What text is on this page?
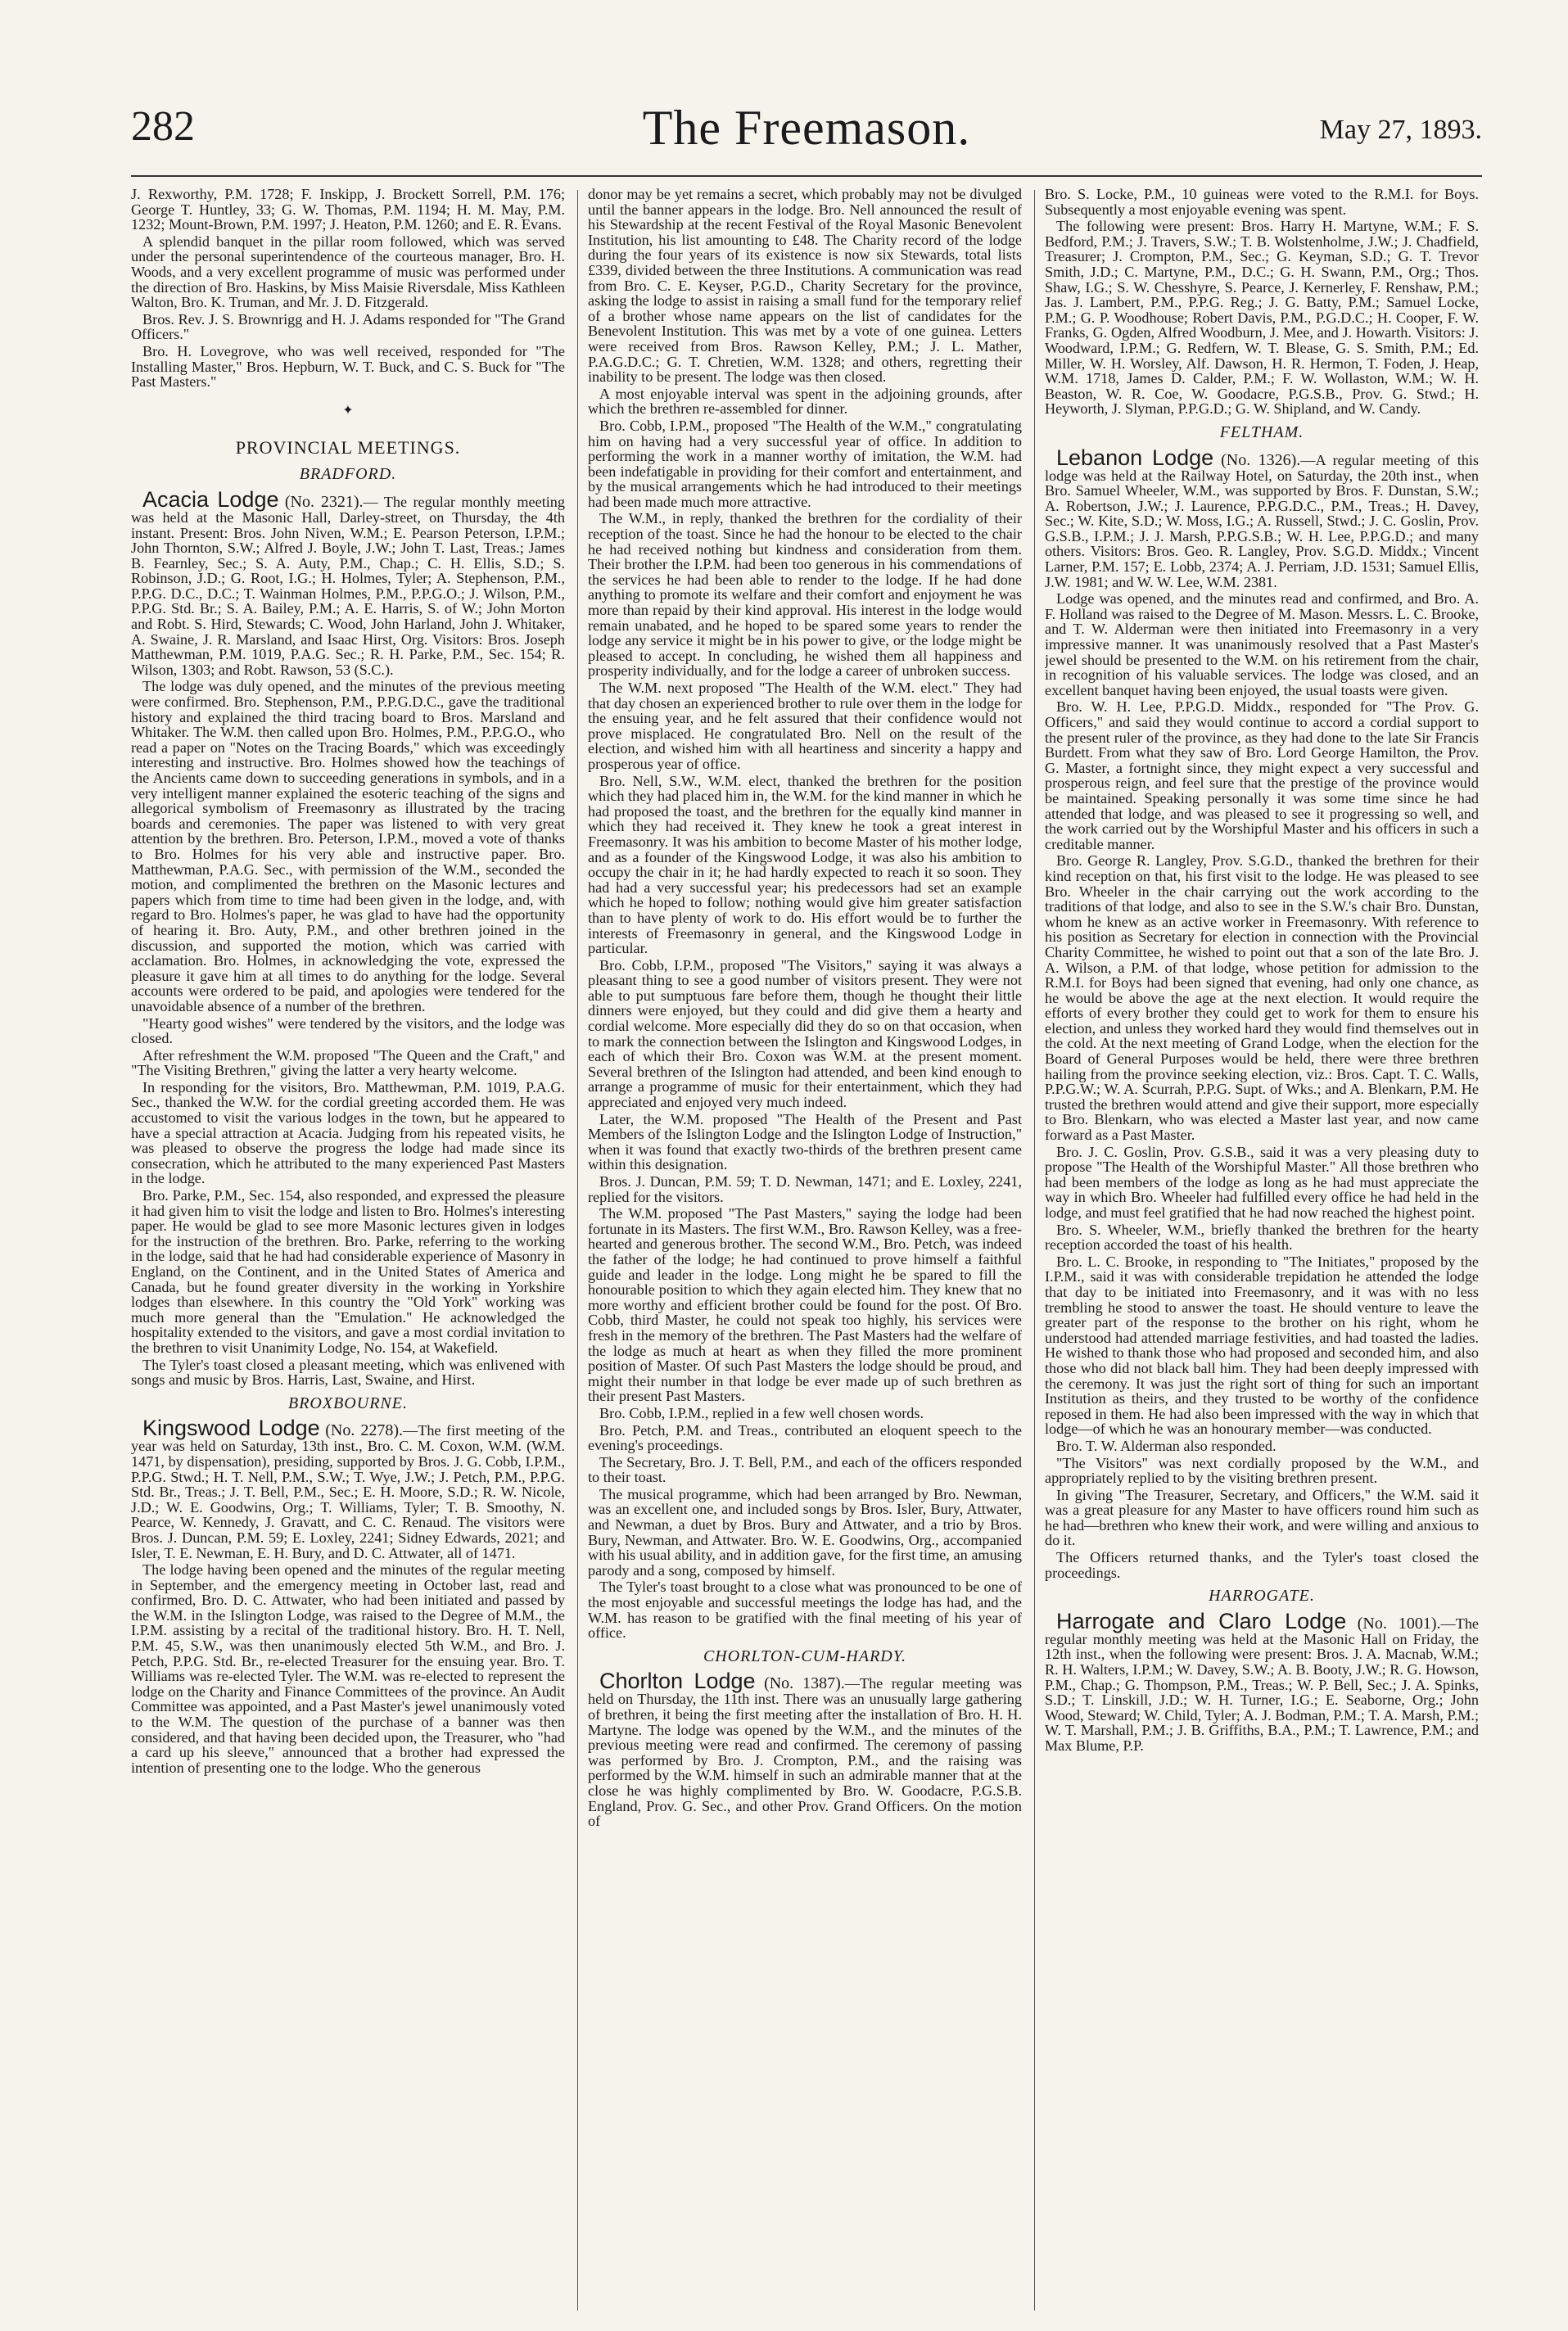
282	The Freemason.	May 27, 1893.

J. Rexworthy, P.M. 1728; F. Inskipp, J. Brockett Sorrell, P.M. 176; George T. Huntley, 33; G. W. Thomas, P.M. 1194; H. M. May, P.M. 1232; Mount-Brown, P.M. 1997; J. Heaton, P.M. 1260; and E. R. Evans.

A splendid banquet in the pillar room followed, which was served under the personal superintendence of the courteous manager, Bro. H. Woods, and a very excellent programme of music was performed under the direction of Bro. Haskins, by Miss Maisie Riversdale, Miss Kathleen Walton, Bro. K. Truman, and Mr. J. D. Fitzgerald.

Bros. Rev. J. S. Brownrigg and H. J. Adams responded for "The Grand Officers."

Bro. H. Lovegrove, who was well received, responded for "The Installing Master," Bros. Hepburn, W. T. Buck, and C. S. Buck for "The Past Masters."

✦
PROVINCIAL MEETINGS.
BRADFORD.

Acacia Lodge (No. 2321).— The regular monthly meeting was held at the Masonic Hall, Darley-street, on Thursday, the 4th instant. Present: Bros. John Niven, W.M.; E. Pearson Peterson, I.P.M.; John Thornton, S.W.; Alfred J. Boyle, J.W.; John T. Last, Treas.; James B. Fearnley, Sec.; S. A. Auty, P.M., Chap.; C. H. Ellis, S.D.; S. Robinson, J.D.; G. Root, I.G.; H. Holmes, Tyler; A. Stephenson, P.M., P.P.G. D.C., D.C.; T. Wainman Holmes, P.M., P.P.G.O.; J. Wilson, P.M., P.P.G. Std. Br.; S. A. Bailey, P.M.; A. E. Harris, S. of W.; John Morton and Robt. S. Hird, Stewards; C. Wood, John Harland, John J. Whitaker, A. Swaine, J. R. Marsland, and Isaac Hirst, Org. Visitors: Bros. Joseph Matthewman, P.M. 1019, P.A.G. Sec.; R. H. Parke, P.M., Sec. 154; R. Wilson, 1303; and Robt. Rawson, 53 (S.C.).

The lodge was duly opened, and the minutes of the previous meeting were confirmed. Bro. Stephenson, P.M., P.P.G.D.C., gave the traditional history and explained the third tracing board to Bros. Marsland and Whitaker. The W.M. then called upon Bro. Holmes, P.M., P.P.G.O., who read a paper on "Notes on the Tracing Boards," which was exceedingly interesting and instructive. Bro. Holmes showed how the teachings of the Ancients came down to succeeding generations in symbols, and in a very intelligent manner explained the esoteric teaching of the signs and allegorical symbolism of Freemasonry as illustrated by the tracing boards and ceremonies. The paper was listened to with very great attention by the brethren. Bro. Peterson, I.P.M., moved a vote of thanks to Bro. Holmes for his very able and instructive paper. Bro. Matthewman, P.A.G. Sec., with permission of the W.M., seconded the motion, and complimented the brethren on the Masonic lectures and papers which from time to time had been given in the lodge, and, with regard to Bro. Holmes's paper, he was glad to have had the opportunity of hearing it. Bro. Auty, P.M., and other brethren joined in the discussion, and supported the motion, which was carried with acclamation. Bro. Holmes, in acknowledging the vote, expressed the pleasure it gave him at all times to do anything for the lodge. Several accounts were ordered to be paid, and apologies were tendered for the unavoidable absence of a number of the brethren.

"Hearty good wishes" were tendered by the visitors, and the lodge was closed.

After refreshment the W.M. proposed "The Queen and the Craft," and "The Visiting Brethren," giving the latter a very hearty welcome.

In responding for the visitors, Bro. Matthewman, P.M. 1019, P.A.G. Sec., thanked the W.W. for the cordial greeting accorded them. He was accustomed to visit the various lodges in the town, but he appeared to have a special attraction at Acacia. Judging from his repeated visits, he was pleased to observe the progress the lodge had made since its consecration, which he attributed to the many experienced Past Masters in the lodge.

Bro. Parke, P.M., Sec. 154, also responded, and expressed the pleasure it had given him to visit the lodge and listen to Bro. Holmes's interesting paper. He would be glad to see more Masonic lectures given in lodges for the instruction of the brethren. Bro. Parke, referring to the working in the lodge, said that he had had considerable experience of Masonry in England, on the Continent, and in the United States of America and Canada, but he found greater diversity in the working in Yorkshire lodges than elsewhere. In this country the "Old York" working was much more general than the "Emulation." He acknowledged the hospitality extended to the visitors, and gave a most cordial invitation to the brethren to visit Unanimity Lodge, No. 154, at Wakefield.

The Tyler's toast closed a pleasant meeting, which was enlivened with songs and music by Bros. Harris, Last, Swaine, and Hirst.

BROXBOURNE.

Kingswood Lodge (No. 2278).—The first meeting of the year was held on Saturday, 13th inst., Bro. C. M. Coxon, W.M. (W.M. 1471, by dispensation), presiding, supported by Bros. J. G. Cobb, I.P.M., P.P.G. Stwd.; H. T. Nell, P.M., S.W.; T. Wye, J.W.; J. Petch, P.M., P.P.G. Std. Br., Treas.; J. T. Bell, P.M., Sec.; E. H. Moore, S.D.; R. W. Nicole, J.D.; W. E. Goodwins, Org.; T. Williams, Tyler; T. B. Smoothy, N. Pearce, W. Kennedy, J. Gravatt, and C. C. Renaud. The visitors were Bros. J. Duncan, P.M. 59; E. Loxley, 2241; Sidney Edwards, 2021; and Isler, T. E. Newman, E. H. Bury, and D. C. Attwater, all of 1471.

The lodge having been opened and the minutes of the regular meeting in September, and the emergency meeting in October last, read and confirmed, Bro. D. C. Attwater, who had been initiated and passed by the W.M. in the Islington Lodge, was raised to the Degree of M.M., the I.P.M. assisting by a recital of the traditional history. Bro. H. T. Nell, P.M. 45, S.W., was then unanimously elected 5th W.M., and Bro. J. Petch, P.P.G. Std. Br., re-elected Treasurer for the ensuing year. Bro. T. Williams was re-elected Tyler. The W.M. was re-elected to represent the lodge on the Charity and Finance Committees of the province. An Audit Committee was appointed, and a Past Master's jewel unanimously voted to the W.M. The question of the purchase of a banner was then considered, and that having been decided upon, the Treasurer, who "had a card up his sleeve," announced that a brother had expressed the intention of presenting one to the lodge. Who the generous

donor may be yet remains a secret, which probably may not be divulged until the banner appears in the lodge. Bro. Nell announced the result of his Stewardship at the recent Festival of the Royal Masonic Benevolent Institution, his list amounting to £48. The Charity record of the lodge during the four years of its existence is now six Stewards, total lists £339, divided between the three Institutions. A communication was read from Bro. C. E. Keyser, P.G.D., Charity Secretary for the province, asking the lodge to assist in raising a small fund for the temporary relief of a brother whose name appears on the list of candidates for the Benevolent Institution. This was met by a vote of one guinea. Letters were received from Bros. Rawson Kelley, P.M.; J. L. Mather, P.A.G.D.C.; G. T. Chretien, W.M. 1328; and others, regretting their inability to be present. The lodge was then closed.

A most enjoyable interval was spent in the adjoining grounds, after which the brethren re-assembled for dinner.

Bro. Cobb, I.P.M., proposed "The Health of the W.M.," congratulating him on having had a very successful year of office. In addition to performing the work in a manner worthy of imitation, the W.M. had been indefatigable in providing for their comfort and entertainment, and by the musical arrangements which he had introduced to their meetings had been made much more attractive.

The W.M., in reply, thanked the brethren for the cordiality of their reception of the toast. Since he had the honour to be elected to the chair he had received nothing but kindness and consideration from them. Their brother the I.P.M. had been too generous in his commendations of the services he had been able to render to the lodge. If he had done anything to promote its welfare and their comfort and enjoyment he was more than repaid by their kind approval. His interest in the lodge would remain unabated, and he hoped to be spared some years to render the lodge any service it might be in his power to give, or the lodge might be pleased to accept. In concluding, he wished them all happiness and prosperity individually, and for the lodge a career of unbroken success.

The W.M. next proposed "The Health of the W.M. elect." They had that day chosen an experienced brother to rule over them in the lodge for the ensuing year, and he felt assured that their confidence would not prove misplaced. He congratulated Bro. Nell on the result of the election, and wished him with all heartiness and sincerity a happy and prosperous year of office.

Bro. Nell, S.W., W.M. elect, thanked the brethren for the position which they had placed him in, the W.M. for the kind manner in which he had proposed the toast, and the brethren for the equally kind manner in which they had received it. They knew he took a great interest in Freemasonry. It was his ambition to become Master of his mother lodge, and as a founder of the Kingswood Lodge, it was also his ambition to occupy the chair in it; he had hardly expected to reach it so soon. They had had a very successful year; his predecessors had set an example which he hoped to follow; nothing would give him greater satisfaction than to have plenty of work to do. His effort would be to further the interests of Freemasonry in general, and the Kingswood Lodge in particular.

Bro. Cobb, I.P.M., proposed "The Visitors," saying it was always a pleasant thing to see a good number of visitors present. They were not able to put sumptuous fare before them, though he thought their little dinners were enjoyed, but they could and did give them a hearty and cordial welcome. More especially did they do so on that occasion, when to mark the connection between the Islington and Kingswood Lodges, in each of which their Bro. Coxon was W.M. at the present moment. Several brethren of the Islington had attended, and been kind enough to arrange a programme of music for their entertainment, which they had appreciated and enjoyed very much indeed.

Later, the W.M. proposed "The Health of the Present and Past Members of the Islington Lodge and the Islington Lodge of Instruction," when it was found that exactly two-thirds of the brethren present came within this designation.

Bros. J. Duncan, P.M. 59; T. D. Newman, 1471; and E. Loxley, 2241, replied for the visitors.

The W.M. proposed "The Past Masters," saying the lodge had been fortunate in its Masters. The first W.M., Bro. Rawson Kelley, was a free-hearted and generous brother. The second W.M., Bro. Petch, was indeed the father of the lodge; he had continued to prove himself a faithful guide and leader in the lodge. Long might he be spared to fill the honourable position to which they again elected him. They knew that no more worthy and efficient brother could be found for the post. Of Bro. Cobb, third Master, he could not speak too highly, his services were fresh in the memory of the brethren. The Past Masters had the welfare of the lodge as much at heart as when they filled the more prominent position of Master. Of such Past Masters the lodge should be proud, and might their number in that lodge be ever made up of such brethren as their present Past Masters.

Bro. Cobb, I.P.M., replied in a few well chosen words.

Bro. Petch, P.M. and Treas., contributed an eloquent speech to the evening's proceedings.

The Secretary, Bro. J. T. Bell, P.M., and each of the officers responded to their toast.

The musical programme, which had been arranged by Bro. Newman, was an excellent one, and included songs by Bros. Isler, Bury, Attwater, and Newman, a duet by Bros. Bury and Attwater, and a trio by Bros. Bury, Newman, and Attwater. Bro. W. E. Goodwins, Org., accompanied with his usual ability, and in addition gave, for the first time, an amusing parody and a song, composed by himself.

The Tyler's toast brought to a close what was pronounced to be one of the most enjoyable and successful meetings the lodge has had, and the W.M. has reason to be gratified with the final meeting of his year of office.

CHORLTON-CUM-HARDY.

Chorlton Lodge (No. 1387).—The regular meeting was held on Thursday, the 11th inst. There was an unusually large gathering of brethren, it being the first meeting after the installation of Bro. H. H. Martyne. The lodge was opened by the W.M., and the minutes of the previous meeting were read and confirmed. The ceremony of passing was performed by Bro. J. Crompton, P.M., and the raising was performed by the W.M. himself in such an admirable manner that at the close he was highly complimented by Bro. W. Goodacre, P.G.S.B. England, Prov. G. Sec., and other Prov. Grand Officers. On the motion of

Bro. S. Locke, P.M., 10 guineas were voted to the R.M.I. for Boys. Subsequently a most enjoyable evening was spent.

The following were present: Bros. Harry H. Martyne, W.M.; F. S. Bedford, P.M.; J. Travers, S.W.; T. B. Wolstenholme, J.W.; J. Chadfield, Treasurer; J. Crompton, P.M., Sec.; G. Keyman, S.D.; G. T. Trevor Smith, J.D.; C. Martyne, P.M., D.C.; G. H. Swann, P.M., Org.; Thos. Shaw, I.G.; S. W. Chesshyre, S. Pearce, J. Kernerley, F. Renshaw, P.M.; Jas. J. Lambert, P.M., P.P.G. Reg.; J. G. Batty, P.M.; Samuel Locke, P.M.; G. P. Woodhouse; Robert Davis, P.M., P.G.D.C.; H. Cooper, F. W. Franks, G. Ogden, Alfred Woodburn, J. Mee, and J. Howarth. Visitors: J. Woodward, I.P.M.; G. Redfern, W. T. Blease, G. S. Smith, P.M.; Ed. Miller, W. H. Worsley, Alf. Dawson, H. R. Hermon, T. Foden, J. Heap, W.M. 1718, James D. Calder, P.M.; F. W. Wollaston, W.M.; W. H. Beaston, W. R. Coe, W. Goodacre, P.G.S.B., Prov. G. Stwd.; H. Heyworth, J. Slyman, P.P.G.D.; G. W. Shipland, and W. Candy.

FELTHAM.

Lebanon Lodge (No. 1326).—A regular meeting of this lodge was held at the Railway Hotel, on Saturday, the 20th inst., when Bro. Samuel Wheeler, W.M., was supported by Bros. F. Dunstan, S.W.; A. Robertson, J.W.; J. Laurence, P.P.G.D.C., P.M., Treas.; H. Davey, Sec.; W. Kite, S.D.; W. Moss, I.G.; A. Russell, Stwd.; J. C. Goslin, Prov. G.S.B., I.P.M.; J. J. Marsh, P.P.G.S.B.; W. H. Lee, P.P.G.D.; and many others. Visitors: Bros. Geo. R. Langley, Prov. S.G.D. Middx.; Vincent Larner, P.M. 157; E. Lobb, 2374; A. J. Perriam, J.D. 1531; Samuel Ellis, J.W. 1981; and W. W. Lee, W.M. 2381.

Lodge was opened, and the minutes read and confirmed, and Bro. A. F. Holland was raised to the Degree of M. Mason. Messrs. L. C. Brooke, and T. W. Alderman were then initiated into Freemasonry in a very impressive manner. It was unanimously resolved that a Past Master's jewel should be presented to the W.M. on his retirement from the chair, in recognition of his valuable services. The lodge was closed, and an excellent banquet having been enjoyed, the usual toasts were given.

Bro. W. H. Lee, P.P.G.D. Middx., responded for "The Prov. G. Officers," and said they would continue to accord a cordial support to the present ruler of the province, as they had done to the late Sir Francis Burdett. From what they saw of Bro. Lord George Hamilton, the Prov. G. Master, a fortnight since, they might expect a very successful and prosperous reign, and feel sure that the prestige of the province would be maintained. Speaking personally it was some time since he had attended that lodge, and was pleased to see it progressing so well, and the work carried out by the Worshipful Master and his officers in such a creditable manner.

Bro. George R. Langley, Prov. S.G.D., thanked the brethren for their kind reception on that, his first visit to the lodge. He was pleased to see Bro. Wheeler in the chair carrying out the work according to the traditions of that lodge, and also to see in the S.W.'s chair Bro. Dunstan, whom he knew as an active worker in Freemasonry. With reference to his position as Secretary for election in connection with the Provincial Charity Committee, he wished to point out that a son of the late Bro. J. A. Wilson, a P.M. of that lodge, whose petition for admission to the R.M.I. for Boys had been signed that evening, had only one chance, as he would be above the age at the next election. It would require the efforts of every brother they could get to work for them to ensure his election, and unless they worked hard they would find themselves out in the cold. At the next meeting of Grand Lodge, when the election for the Board of General Purposes would be held, there were three brethren hailing from the province seeking election, viz.: Bros. Capt. T. C. Walls, P.P.G.W.; W. A. Scurrah, P.P.G. Supt. of Wks.; and A. Blenkarn, P.M. He trusted the brethren would attend and give their support, more especially to Bro. Blenkarn, who was elected a Master last year, and now came forward as a Past Master.

Bro. J. C. Goslin, Prov. G.S.B., said it was a very pleasing duty to propose "The Health of the Worshipful Master." All those brethren who had been members of the lodge as long as he had must appreciate the way in which Bro. Wheeler had fulfilled every office he had held in the lodge, and must feel gratified that he had now reached the highest point.

Bro. S. Wheeler, W.M., briefly thanked the brethren for the hearty reception accorded the toast of his health.

Bro. L. C. Brooke, in responding to "The Initiates," proposed by the I.P.M., said it was with considerable trepidation he attended the lodge that day to be initiated into Freemasonry, and it was with no less trembling he stood to answer the toast. He should venture to leave the greater part of the response to the brother on his right, whom he understood had attended marriage festivities, and had toasted the ladies. He wished to thank those who had proposed and seconded him, and also those who did not black ball him. They had been deeply impressed with the ceremony. It was just the right sort of thing for such an important Institution as theirs, and they trusted to be worthy of the confidence reposed in them. He had also been impressed with the way in which that lodge—of which he was an honourary member—was conducted.

Bro. T. W. Alderman also responded.

"The Visitors" was next cordially proposed by the W.M., and appropriately replied to by the visiting brethren present.

In giving "The Treasurer, Secretary, and Officers," the W.M. said it was a great pleasure for any Master to have officers round him such as he had—brethren who knew their work, and were willing and anxious to do it.

The Officers returned thanks, and the Tyler's toast closed the proceedings.

HARROGATE.

Harrogate and Claro Lodge (No. 1001).—The regular monthly meeting was held at the Masonic Hall on Friday, the 12th inst., when the following were present: Bros. J. A. Macnab, W.M.; R. H. Walters, I.P.M.; W. Davey, S.W.; A. B. Booty, J.W.; R. G. Howson, P.M., Chap.; G. Thompson, P.M., Treas.; W. P. Bell, Sec.; J. A. Spinks, S.D.; T. Linskill, J.D.; W. H. Turner, I.G.; E. Seaborne, Org.; John Wood, Steward; W. Child, Tyler; A. J. Bodman, P.M.; T. A. Marsh, P.M.; W. T. Marshall, P.M.; J. B. Griffiths, B.A., P.M.; T. Lawrence, P.M.; and Max Blume, P.P.
